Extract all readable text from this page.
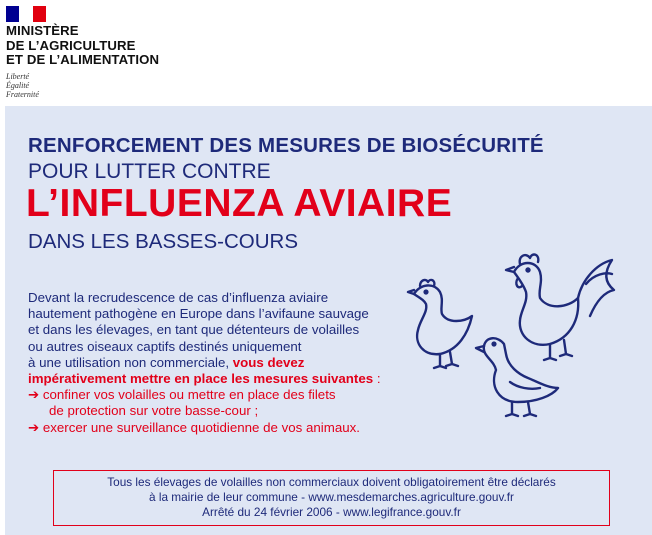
MINISTÈRE
DE L’AGRICULTURE
ET DE L’ALIMENTATION
Liberté
Égalité
Fraternité
RENFORCEMENT DES MESURES DE BIOSÉCURITÉ
POUR LUTTER CONTRE
L’INFLUENZA AVIAIRE
DANS LES BASSES-COURS

Devant la recrudescence de cas d’influenza aviaire

hautement pathogène en Europe dans l’avifaune sauvage

et dans les élevages, en tant que détenteurs de volailles

ou autres oiseaux captifs destinés uniquement

à une utilisation non commerciale, vous devez

impérativement mettre en place les mesures suivantes :

➔ confiner vos volailles ou mettre en place des filets

de protection sur votre basse-cour ;

➔ exercer une surveillance quotidienne de vos animaux.

Tous les élevages de volailles non commerciaux doivent obligatoirement être déclarés

à la mairie de leur commune - www.mesdemarches.agriculture.gouv.fr

Arrêté du 24 février 2006 - www.legifrance.gouv.fr
